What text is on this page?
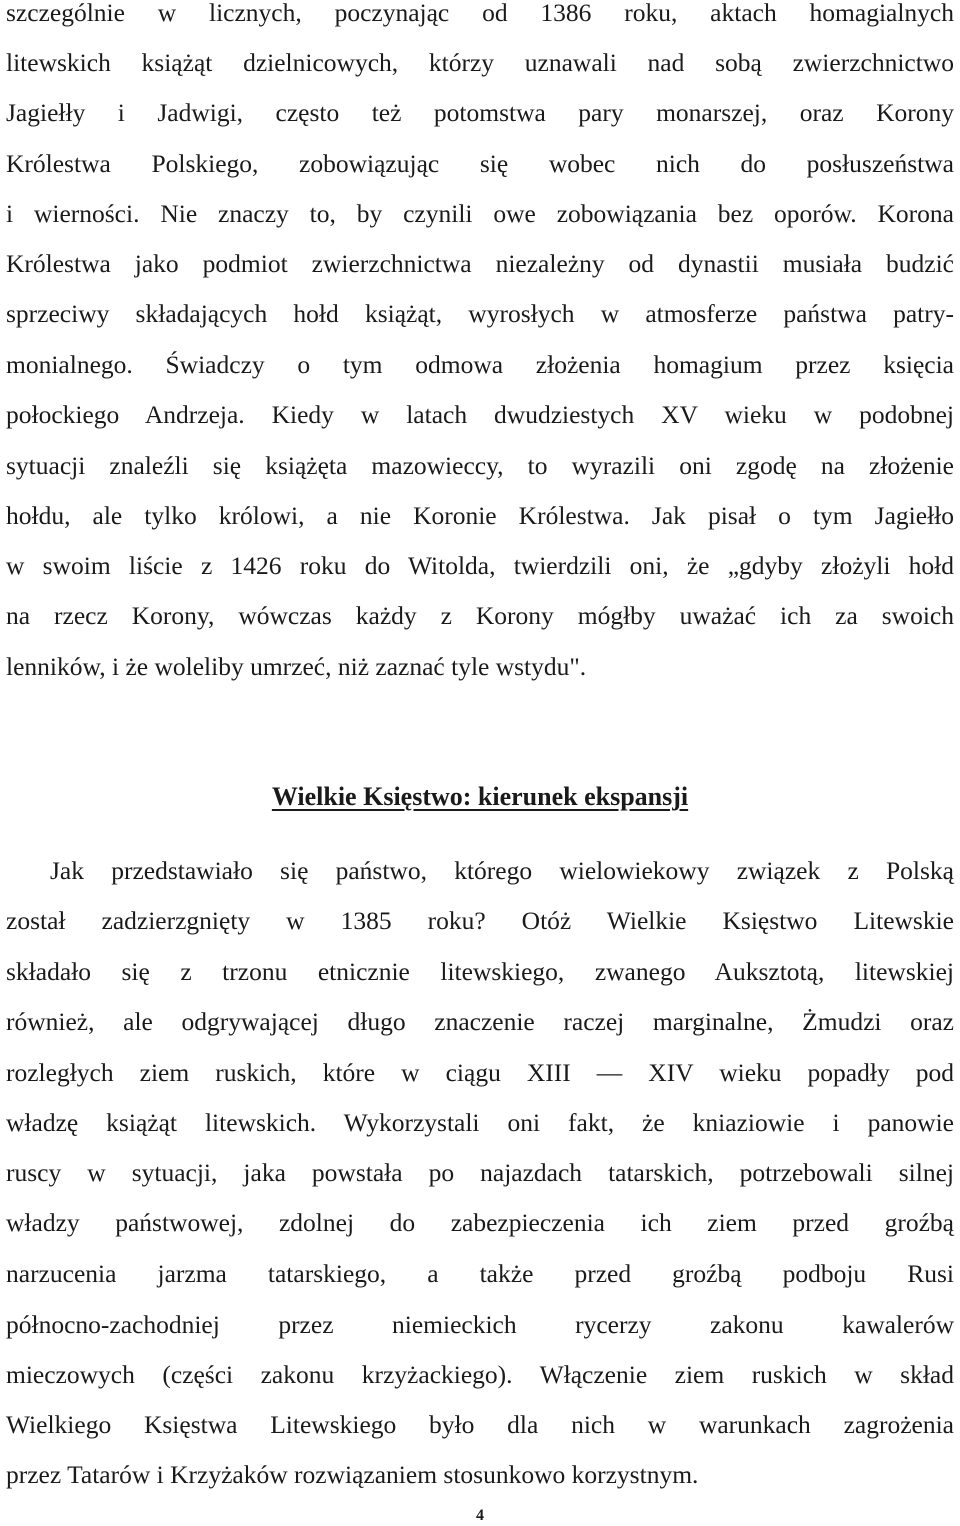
szczególnie w licznych, poczynając od 1386 roku, aktach homagialnych
litewskich książąt dzielnicowych, którzy uznawali nad sobą zwierzchnictwo
Jagiełły i Jadwigi, często też potomstwa pary monarszej, oraz Korony
Królestwa Polskiego, zobowiązując się wobec nich do posłuszeństwa
i wierności. Nie znaczy to, by czynili owe zobowiązania bez oporów. Korona
Królestwa jako podmiot zwierzchnictwa niezależny od dynastii musiała budzić
sprzeciwy składających hołd książąt, wyrosłych w atmosferze państwa patry-
monialnego. Świadczy o tym odmowa złożenia homagium przez księcia
połockiego Andrzeja. Kiedy w latach dwudziestych XV wieku w podobnej
sytuacji znaleźli się książęta mazowieccy, to wyrazili oni zgodę na złożenie
hołdu, ale tylko królowi, a nie Koronie Królestwa. Jak pisał o tym Jagiełło
w swoim liście z 1426 roku do Witolda, twierdzili oni, że „gdyby złożyli hołd
na rzecz Korony, wówczas każdy z Korony mógłby uważać ich za swoich
lenników, i że woleliby umrzeć, niż zaznać tyle wstydu".
Wielkie Księstwo: kierunek ekspansji
Jak przedstawiało się państwo, którego wielowiekowy związek z Polską
został zadzierzgnięty w 1385 roku? Otóż Wielkie Księstwo Litewskie
składało się z trzonu etnicznie litewskiego, zwanego Auksztotą, litewskiej
również, ale odgrywającej długo znaczenie raczej marginalne, Żmudzi oraz
rozległych ziem ruskich, które w ciągu XIII — XIV wieku popadły pod
władzę książąt litewskich. Wykorzystali oni fakt, że kniaziowie i panowie
ruscy w sytuacji, jaka powstała po najazdach tatarskich, potrzebowali silnej
władzy państwowej, zdolnej do zabezpieczenia ich ziem przed groźbą
narzucenia jarzma tatarskiego, a także przed groźbą podboju Rusi
północno-zachodniej przez niemieckich rycerzy zakonu kawalerów
mieczowych (części zakonu krzyżackiego). Włączenie ziem ruskich w skład
Wielkiego Księstwa Litewskiego było dla nich w warunkach zagrożenia
przez Tatarów i Krzyżaków rozwiązaniem stosunkowo korzystnym.
4
